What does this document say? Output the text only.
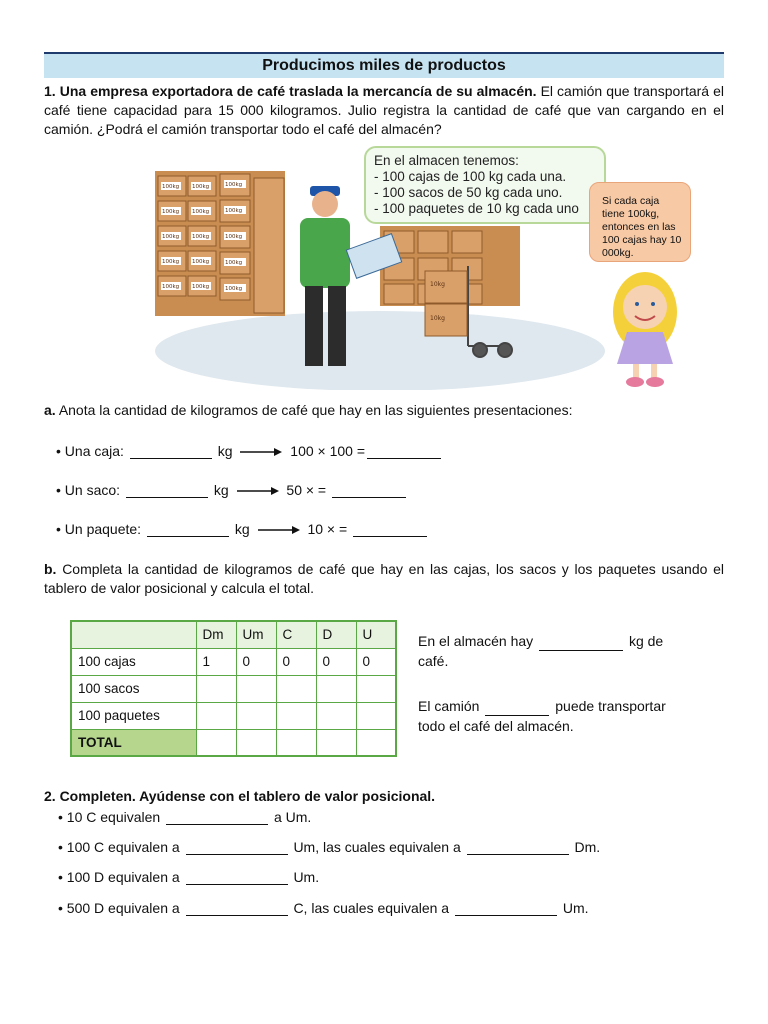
Producimos miles de productos
1. Una empresa exportadora de café traslada la mercancía de su almacén. El camión que transportará el café tiene capacidad para 15 000 kilogramos. Julio registra la cantidad de café que van cargando en el camión. ¿Podrá el camión transportar todo el café del almacén?
100kg 100kg	100kg
100kg 100kg	100kg
100kg 100kg	100kg
100kg 100kg	100kg
100kg 100kg	100kg
10kg
10kg
En el almacen tenemos:
- 100 cajas de 100 kg cada una.
- 100 sacos de 50 kg cada uno.
- 100 paquetes de 10 kg cada uno	Si cada caja tiene 100kg, entonces en las 100 cajas hay 10 000kg.
a. Anota la cantidad de kilogramos de café que hay en las siguientes presentaciones:
• Una caja:	kg	100 × 100 =
• Un saco:	kg	50 × =
• Un paquete:	kg	10 × =
b. Completa la cantidad de kilogramos de café que hay en las cajas, los sacos y los paquetes usando el tablero de valor posicional y calcula el total.
	Dm	Um	C	D	U
100 cajas	1	0	0	0	0
100 sacos					
100 paquetes					
TOTAL					
En el almacén hay	kg de
café.
El camión	puede transportar
todo el café del almacén.
2. Completen. Ayúdense con el tablero de valor posicional.
• 10 C equivalen	a Um.
• 100 C equivalen a	Um, las cuales equivalen a	Dm.
• 100 D equivalen a	Um.
• 500 D equivalen a	C, las cuales equivalen a	Um.
